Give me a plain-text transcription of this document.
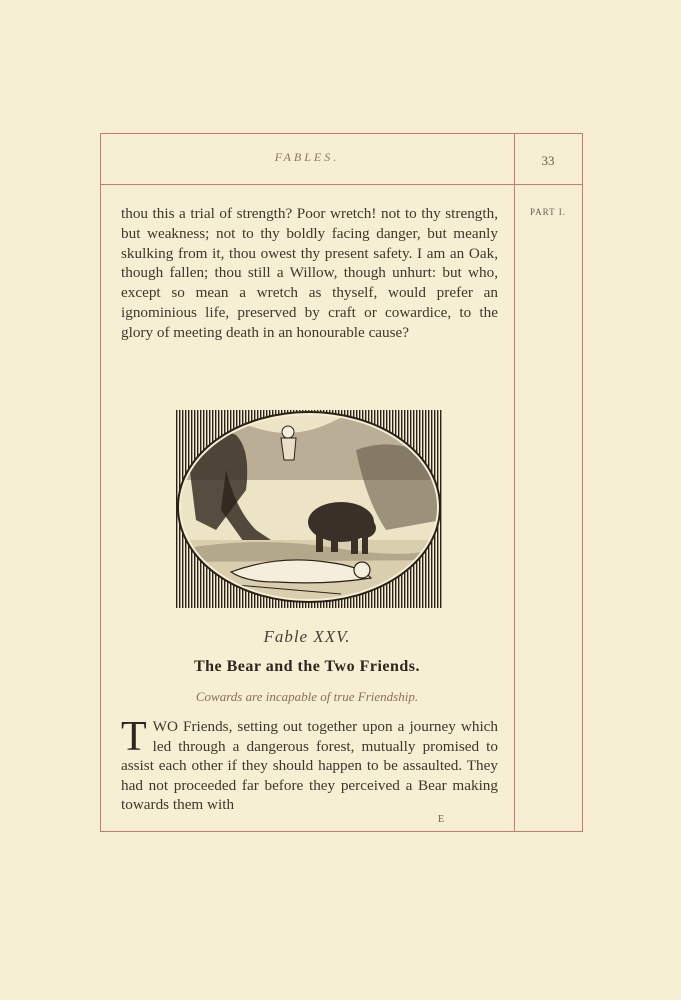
FABLES.	33
PART I.

thou this a trial of strength? Poor wretch! not to thy strength, but weakness; not to thy boldly facing danger, but meanly skulking from it, thou owest thy present safety. I am an Oak, though fallen; thou still a Willow, though unhurt: but who, except so mean a wretch as thyself, would prefer an ignominious life, preserved by craft or cowardice, to the glory of meeting death in an honourable cause?

Fable XXV.
The Bear and the Two Friends.
Cowards are incapable of true Friendship.

TWO Friends, setting out together upon a journey which led through a dangerous forest, mutually promised to assist each other if they should happen to be assaulted. They had not proceeded far before they perceived a Bear making towards them with

E
